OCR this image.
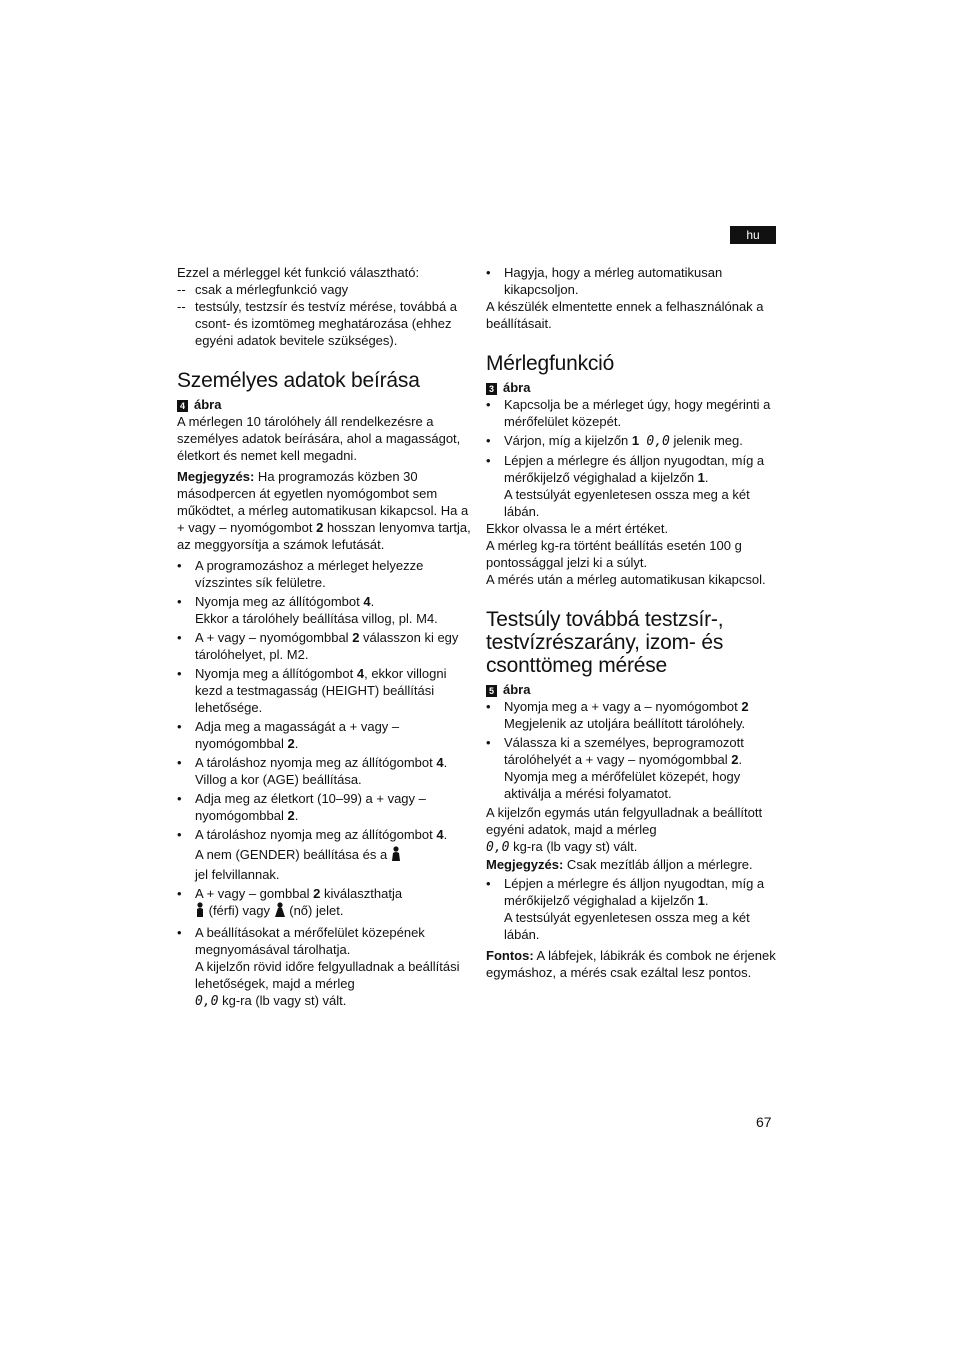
hu

Ezzel a mérleggel két funkció választható:

-- csak a mérlegfunkció vagy
-- testsúly, testzsír és testvíz mérése, továbbá a csont- és izomtömeg meghatározása (ehhez egyéni adatok bevitele szükséges).
Személyes adatok beírása
4 ábra

A mérlegen 10 tárolóhely áll rendelkezésre a személyes adatok beírására, ahol a magasságot, életkort és nemet kell megadni.

Megjegyzés: Ha programozás közben 30 másodpercen át egyetlen nyomógombot sem működtet, a mérleg automatikusan kikapcsol. Ha a + vagy – nyomógombot 2 hosszan lenyomva tartja, az meggyorsítja a számok lefutását.

• A programozáshoz a mérleget helyezze vízszintes sík felületre.
• Nyomja meg az állítógombot 4.
Ekkor a tárolóhely beállítása villog, pl. M4.
• A + vagy – nyomógombbal 2 válasszon ki egy tárolóhelyet, pl. M2.
• Nyomja meg a állítógombot 4, ekkor villogni kezd a testmagasság (HEIGHT) beállítási lehetősége.
• Adja meg a magasságát a + vagy – nyomógombbal 2.
• A tároláshoz nyomja meg az állítógombot 4.
Villog a kor (AGE) beállítása.
• Adja meg az életkort (10–99) a + vagy – nyomógombbal 2.
• A tároláshoz nyomja meg az állítógombot 4.
A nem (GENDER) beállítása és a
jel felvillannak.
• A + vagy – gombbal 2 kiválaszthatja
(férfi) vagy  (nő) jelet.
• A beállításokat a mérőfelület közepének megnyomásával tárolhatja.
A kijelzőn rövid időre felgyulladnak a beállítási lehetőségek, majd a mérleg
0,0 kg-ra (lb vagy st) vált.
• Hagyja, hogy a mérleg automatikusan kikapcsoljon.

A készülék elmentette ennek a felhasználónak a beállításait.

Mérlegfunkció
3 ábra
• Kapcsolja be a mérleget úgy, hogy megérinti a mérőfelület közepét.
• Várjon, míg a kijelzőn 1 0,0 jelenik meg.
• Lépjen a mérlegre és álljon nyugodtan, míg a mérőkijelző végighalad a kijelzőn 1.
A testsúlyát egyenletesen ossza meg a két lábán.

Ekkor olvassa le a mért értéket.

A mérleg kg-ra történt beállítás esetén 100 g pontossággal jelzi ki a súlyt.

A mérés után a mérleg automatikusan kikapcsol.

Testsúly továbbá testzsír-, testvízrészarány, izom- és csonttömeg mérése
5 ábra
• Nyomja meg a + vagy a – nyomógombot 2
Megjelenik az utoljára beállított tárolóhely.
• Válassza ki a személyes, beprogramozott tárolóhelyét a + vagy – nyomógombbal 2.
Nyomja meg a mérőfelület közepét, hogy aktiválja a mérési folyamatot.

A kijelzőn egymás után felgyulladnak a beállított egyéni adatok, majd a mérleg
0,0 kg-ra (lb vagy st) vált.

Megjegyzés: Csak mezítláb álljon a mérlegre.

• Lépjen a mérlegre és álljon nyugodtan, míg a mérőkijelző végighalad a kijelzőn 1.
A testsúlyát egyenletesen ossza meg a két lábán.

Fontos: A lábfejek, lábikrák és combok ne érjenek egymáshoz, a mérés csak ezáltal lesz pontos.

67
